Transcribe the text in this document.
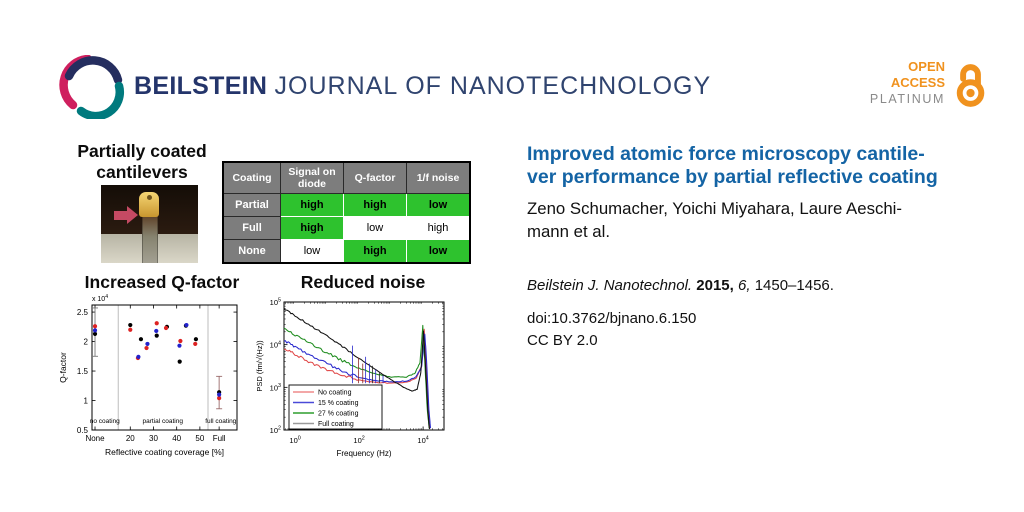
BEILSTEIN JOURNAL OF NANOTECHNOLOGY
OPEN
ACCESS
PLATINUM
Partially coated
cantilevers	Coating	Signal on diode	Q-factor	1/f noise
Partial	high	high	low
Full	high	low	high
None	low	high	low
Increased Q-factor
0.5
1
1.5
2
2.5
None	20 30 40 50 Full
x $10^4$
Reflective coating coverage [%]
Q-factor
no coating	partial coating	full coating
Reduced noise
$10^0$	$10^2$	$10^4$
$10^2$
$10^3$
$10^4$
$10^5$
Frequency (Hz)
PSD (fm/√(Hz))
No coating
15 % coating
27 % coating
Full coating
Improved atomic force microscopy cantile-
ver performance by partial reflective coating
Zeno Schumacher, Yoichi Miyahara, Laure Aeschi-
mann et al.
Beilstein J. Nanotechnol. 2015, 6, 1450–1456.
doi:10.3762/bjnano.6.150
CC BY 2.0
